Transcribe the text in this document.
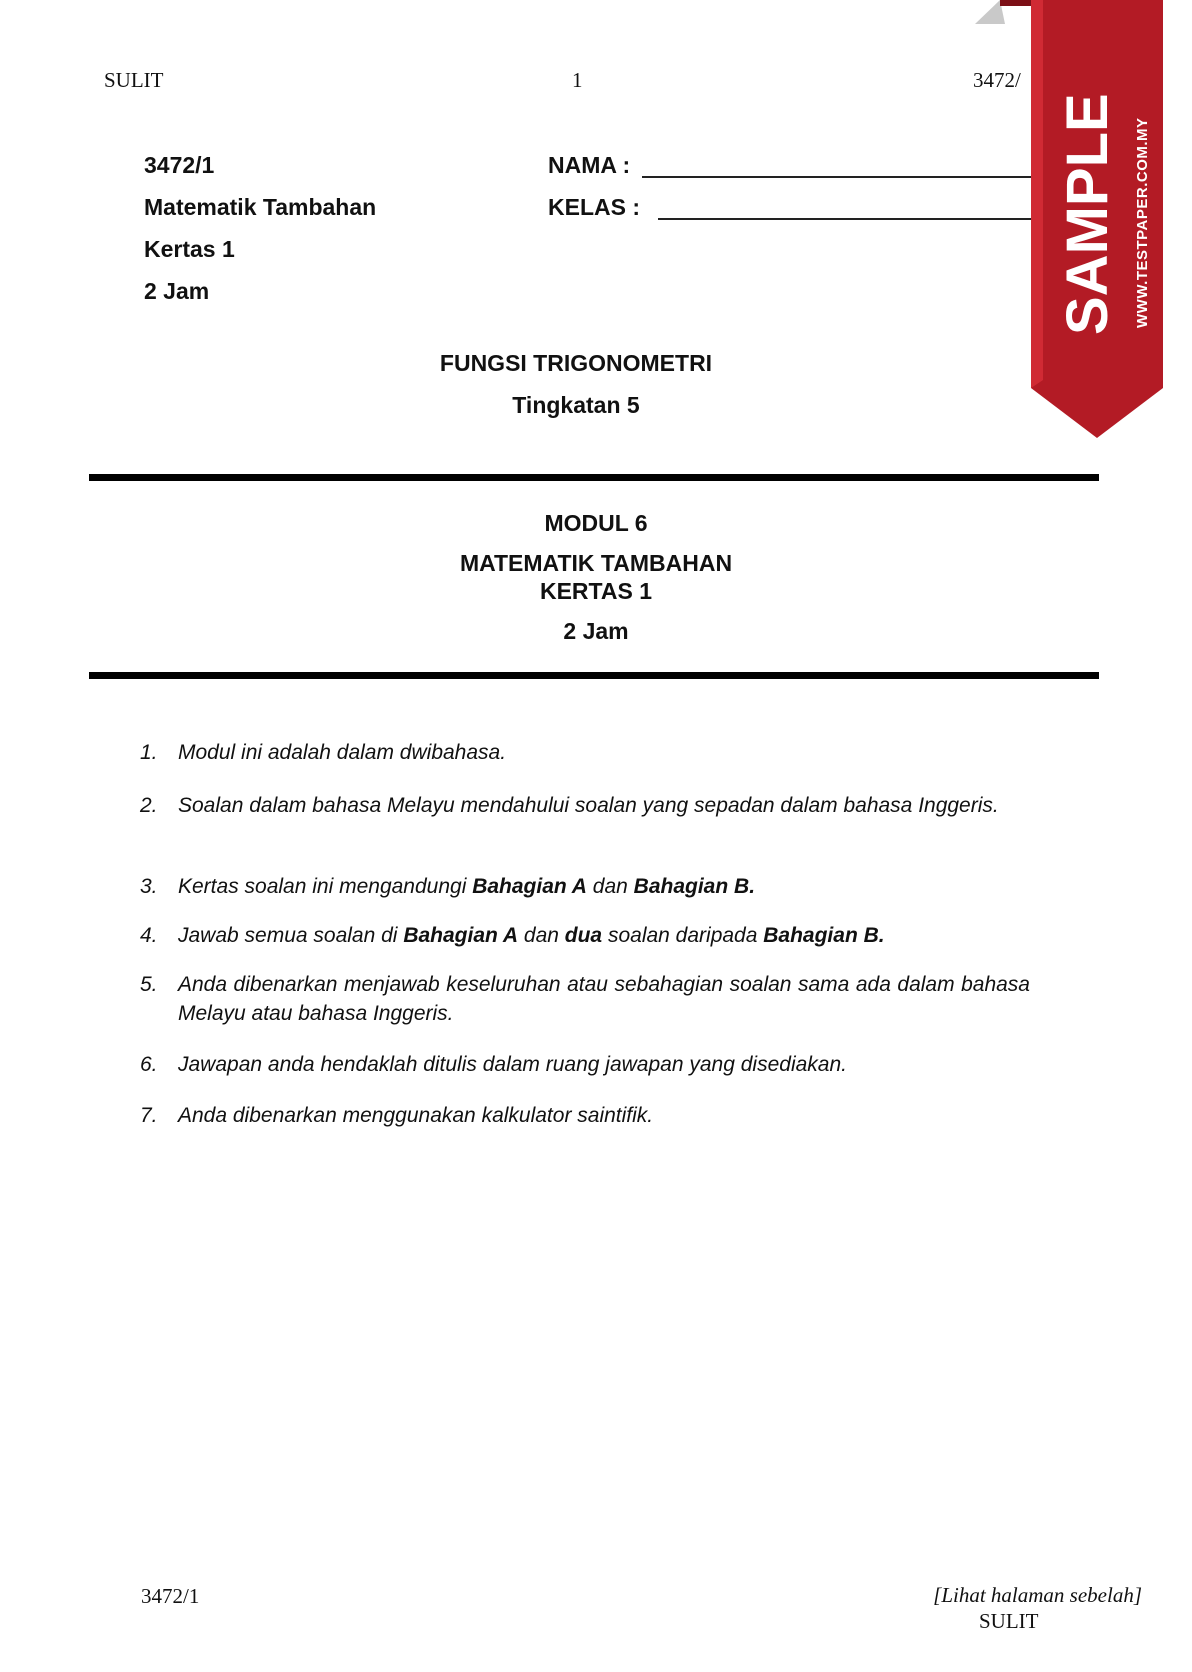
SULIT	1	3472/
3472/1
Matematik Tambahan
Kertas 1
2 Jam
NAMA :
KELAS :
FUNGSI TRIGONOMETRI
Tingkatan 5
MODUL 6
MATEMATIK TAMBAHAN
KERTAS 1
2 Jam
1. Modul ini adalah dalam dwibahasa.
2. Soalan dalam bahasa Melayu mendahului soalan yang sepadan dalam bahasa Inggeris.
3. Kertas soalan ini mengandungi Bahagian A dan Bahagian B.
4. Jawab semua soalan di Bahagian A dan dua soalan daripada Bahagian B.
5. Anda dibenarkan menjawab keseluruhan atau sebahagian soalan sama ada dalam bahasa Melayu atau bahasa Inggeris.
6. Jawapan anda hendaklah ditulis dalam ruang jawapan yang disediakan.
7. Anda dibenarkan menggunakan kalkulator saintifik.
3472/1	[Lihat halaman sebelah]
SULIT
SAMPLE WWW.TESTPAPER.COM.MY
